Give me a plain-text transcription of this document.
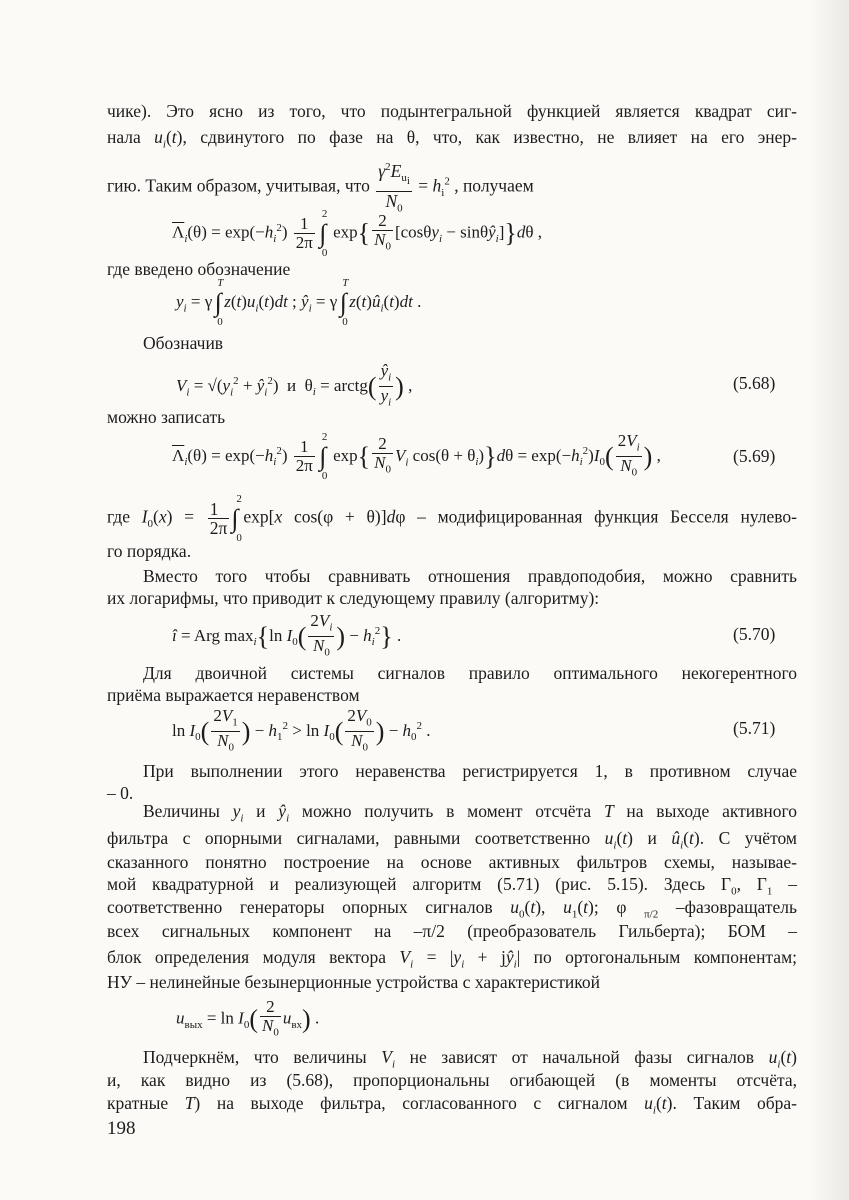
чике). Это ясно из того, что подынтегральной функцией является квадрат сиг-
нала $u_i(t)$, сдвинутого по фазе на θ, что, как известно, не влияет на его энер-
гию. Таким образом, учитывая, что $\frac{\gamma^2E_{u_i}}{N_0} = h_i^2$ , получаем
$\overline{\Lambda}_i(\theta) = \exp(-h_i^2) \frac{1}{2\pi}$ ∫
2
0
$\exp\{ \frac{2}{N_0} [\cos\theta y_i$ − sinθŷ$_i$]}dθ ,
где введено обозначение
$y_i = \gamma\int$
T
0
$z(t)u_i(t)dt$ ; $ŷ_i = \gamma\int$
T
0
$z(t)û_i(t)dt$ .
Обозначив
$V_i = √(y_i^2$ + $ŷ_i^2$)  и  $\theta_i$ = arctg( $\frac{ŷ_i}{y_i}$ ) ,	(5.68)
можно записать
$\overline{\Lambda}_i(\theta) = \exp(-h_i^2) \frac{1}{2\pi}$ ∫
2
0
$\exp\{ \frac{2}{N_0} V_i$ $\cos(\theta + \theta_i)\}d\theta = \exp(-h_i^2)I_0( \frac{2V_i}{N_0}$ ) ,	(5.69)
где $I_0(x) = \frac{1}{2\pi}$ ∫
2
0
exp[x cos(φ + θ)]dφ – модифицированная функция Бесселя нулево-
го порядка.
Вместо того чтобы сравнивать отношения правдоподобия, можно сравнить
их логарифмы, что приводит к следующему правилу (алгоритму):
î = Arg $\max_i\{\ln$ $I_0( \frac{2V_i}{N_0}$ ) − $h_i^2$} .	(5.70)
Для двоичной системы сигналов правило оптимального некогерентного
приёма выражается неравенством
$\ln I_0( \frac{2V_1}{N_0}$ ) − $h_1^2 > \ln I_0( \frac{2V_0}{N_0}$ ) − $h_0^2$ .	(5.71)
При выполнении этого неравенства регистрируется 1, в противном случае
– 0.
Величины $y_i$ и $ŷ_i$ можно получить в момент отсчёта T на выходе активного
фильтра с опорными сигналами, равными соответственно $u_i(t)$ и $û_i(t)$. С учётом
сказанного понятно построение на основе активных фильтров схемы, называе-
мой квадратурной и реализующей алгоритм (5.71) (рис. 5.15). Здесь $Г_0$, $Г_1$ –
соответственно генераторы опорных сигналов $u_0(t)$, $u_1(t)$; φ $_{\pi/2}$ –фазовращатель
всех сигнальных компонент на –π/2 (преобразователь Гильберта); БОМ –
блок определения модуля вектора $V_i = |y_i$ + $jŷ_i|$ по ортогональным компонентам;
НУ – нелинейные безынерционные устройства с характеристикой
$u_{вых} = \ln I_0( \frac{2}{N_0} u_{вх})$ .
Подчеркнём, что величины $V_i$ не зависят от начальной фазы сигналов $u_i(t)$
и, как видно из (5.68), пропорциональны огибающей (в моменты отсчёта,
кратные T) на выходе фильтра, согласованного с сигналом $u_i(t)$. Таким обра-
198
